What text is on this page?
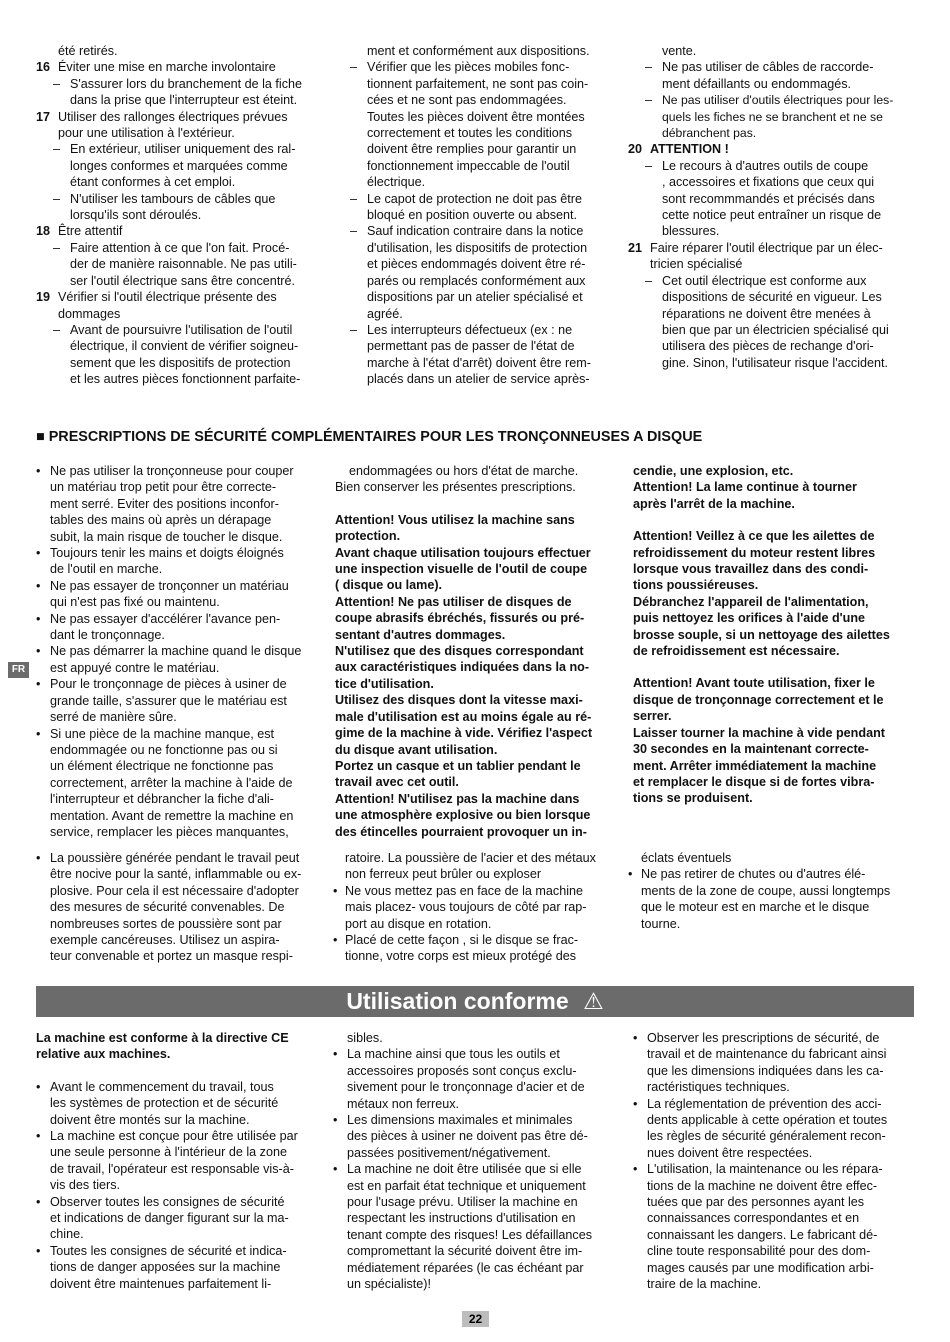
été retirés.
16 Éviter une mise en marche involontaire
– S'assurer lors du branchement de la fiche
dans la prise que l'interrupteur est éteint.
17 Utiliser des rallonges électriques prévues
pour une utilisation à l'extérieur.
– En extérieur, utiliser uniquement des ral-
longes conformes et marquées comme
étant conformes à cet emploi.
– N'utiliser les tambours de câbles que
lorsqu'ils sont déroulés.
18 Être attentif
– Faire attention à ce que l'on fait. Procé-
der de manière raisonnable. Ne pas utili-
ser l'outil électrique sans être concentré.
19 Vérifier si l'outil électrique présente des
dommages
– Avant de poursuivre l'utilisation de l'outil
électrique, il convient de vérifier soigneu-
sement que les dispositifs de protection
et les autres pièces fonctionnent parfaite-
ment et conformément aux dispositions.
– Vérifier que les pièces mobiles fonc-
tionnent parfaitement, ne sont pas coin-
cées et ne sont pas endommagées.
Toutes les pièces doivent être montées
correctement et toutes les conditions
doivent être remplies pour garantir un
fonctionnement impeccable de l'outil
électrique.
– Le capot de protection ne doit pas être
bloqué en position ouverte ou absent.
– Sauf indication contraire dans la notice
d'utilisation, les dispositifs de protection
et pièces endommagés doivent être ré-
parés ou remplacés conformément aux
dispositions par un atelier spécialisé et
agréé.
– Les interrupteurs défectueux (ex : ne
permettant pas de passer de l'état de
marche à l'état d'arrêt) doivent être rem-
placés dans un atelier de service après-
vente.
– Ne pas utiliser de câbles de raccorde-
ment défaillants ou endommagés.
– Ne pas utiliser d'outils électriques pour les-
quels les fiches ne se branchent et ne se
débranchent pas.
20 ATTENTION !
– Le recours à d'autres outils de coupe
, accessoires et fixations que ceux qui
sont recommmandés et précisés dans
cette notice peut entraîner un risque de
blessures.
21 Faire réparer l'outil électrique par un élec-
tricien spécialisé
– Cet outil électrique est conforme aux
dispositions de sécurité en vigueur. Les
réparations ne doivent être menées à
bien que par un électricien spécialisé qui
utilisera des pièces de rechange d'ori-
gine. Sinon, l'utilisateur risque l'accident.
■ PRESCRIPTIONS DE SÉCURITÉ COMPLÉMENTAIRES POUR LES TRONÇONNEUSES A DISQUE
FR
• Ne pas utiliser la tronçonneuse pour couper
un matériau trop petit pour être correcte-
ment serré. Eviter des positions inconfor-
tables des mains où après un dérapage
subit, la main risque de toucher le disque.
• Toujours tenir les mains et doigts éloignés
de l'outil en marche.
• Ne pas essayer de tronçonner un matériau
qui n'est pas fixé ou maintenu.
• Ne pas essayer d'accélérer l'avance pen-
dant le tronçonnage.
• Ne pas démarrer la machine quand le disque
est appuyé contre le matériau.
• Pour le tronçonnage de pièces à usiner de
grande taille, s'assurer que le matériau est
serré de manière sûre.
• Si une pièce de la machine manque, est
endommagée ou ne fonctionne pas ou si
un élément électrique ne fonctionne pas
correctement, arrêter la machine à l'aide de
l'interrupteur et débrancher la fiche d'ali-
mentation. Avant de remettre la machine en
service, remplacer les pièces manquantes,
endommagées ou hors d'état de marche.
Bien conserver les présentes prescriptions.
Attention! Vous utilisez la machine sans
protection.
Avant chaque utilisation toujours effectuer
une inspection visuelle de l'outil de coupe
( disque ou lame).
Attention! Ne pas utiliser de disques de
coupe abrasifs ébréchés, fissurés ou pré-
sentant d'autres dommages.
N'utilisez que des disques correspondant
aux caractéristiques indiquées dans la no-
tice d'utilisation.
Utilisez des disques dont la vitesse maxi-
male d'utilisation est au moins égale au ré-
gime de la machine à vide. Vérifiez l'aspect
du disque avant utilisation.
Portez un casque et un tablier pendant le
travail avec cet outil.
Attention! N'utilisez pas la machine dans
une atmosphère explosive ou bien lorsque
des étincelles pourraient provoquer un in-
cendie, une explosion, etc.
Attention! La lame continue à tourner
après l'arrêt de la machine.
Attention! Veillez à ce que les ailettes de
refroidissement du moteur restent libres
lorsque vous travaillez dans des condi-
tions poussiéreuses.
Débranchez l'appareil de l'alimentation,
puis nettoyez les orifices à l'aide d'une
brosse souple, si un nettoyage des ailettes
de refroidissement est nécessaire.
Attention! Avant toute utilisation, fixer le
disque de tronçonnage correctement et le
serrer.
Laisser tourner la machine à vide pendant
30 secondes en la maintenant correcte-
ment. Arrêter immédiatement la machine
et remplacer le disque si de fortes vibra-
tions se produisent.
• La poussière générée pendant le travail peut
être nocive pour la santé, inflammable ou ex-
plosive. Pour cela il est nécessaire d'adopter
des mesures de sécurité convenables. De
nombreuses sortes de poussière sont par
exemple cancéreuses. Utilisez un aspira-
teur convenable et portez un masque respi-
ratoire. La poussière de l'acier et des métaux
non ferreux peut brûler ou exploser
• Ne vous mettez pas en face de la machine
mais placez- vous toujours de côté par rap-
port au disque en rotation.
• Placé de cette façon , si le disque se frac-
tionne, votre corps est mieux protégé des
éclats éventuels
• Ne pas retirer de chutes ou d'autres élé-
ments de la zone de coupe, aussi longtemps
que le moteur est en marche et le disque
tourne.
Utilisation conforme ⚠
La machine est conforme à la directive CE
relative aux machines.
• Avant le commencement du travail, tous
les systèmes de protection et de sécurité
doivent être montés sur la machine.
• La machine est conçue pour être utilisée par
une seule personne à l'intérieur de la zone
de travail, l'opérateur est responsable vis-à-
vis des tiers.
• Observer toutes les consignes de sécurité
et indications de danger figurant sur la ma-
chine.
• Toutes les consignes de sécurité et indica-
tions de danger apposées sur la machine
doivent être maintenues parfaitement li-
sibles.
• La machine ainsi que tous les outils et
accessoires proposés sont conçus exclu-
sivement pour le tronçonnage d'acier et de
métaux non ferreux.
• Les dimensions maximales et minimales
des pièces à usiner ne doivent pas être dé-
passées positivement/négativement.
• La machine ne doit être utilisée que si elle
est en parfait état technique et uniquement
pour l'usage prévu. Utiliser la machine en
respectant les instructions d'utilisation en
tenant compte des risques! Les défaillances
compromettant la sécurité doivent être im-
médiatement réparées (le cas échéant par
un spécialiste)!
• Observer les prescriptions de sécurité, de
travail et de maintenance du fabricant ainsi
que les dimensions indiquées dans les ca-
ractéristiques techniques.
• La réglementation de prévention des acci-
dents applicable à cette opération et toutes
les règles de sécurité généralement recon-
nues doivent être respectées.
• L'utilisation, la maintenance ou les répara-
tions de la machine ne doivent être effec-
tuées que par des personnes ayant les
connaissances correspondantes et en
connaissant les dangers. Le fabricant dé-
cline toute responsabilité pour des dom-
mages causés par une modification arbi-
traire de la machine.
22
